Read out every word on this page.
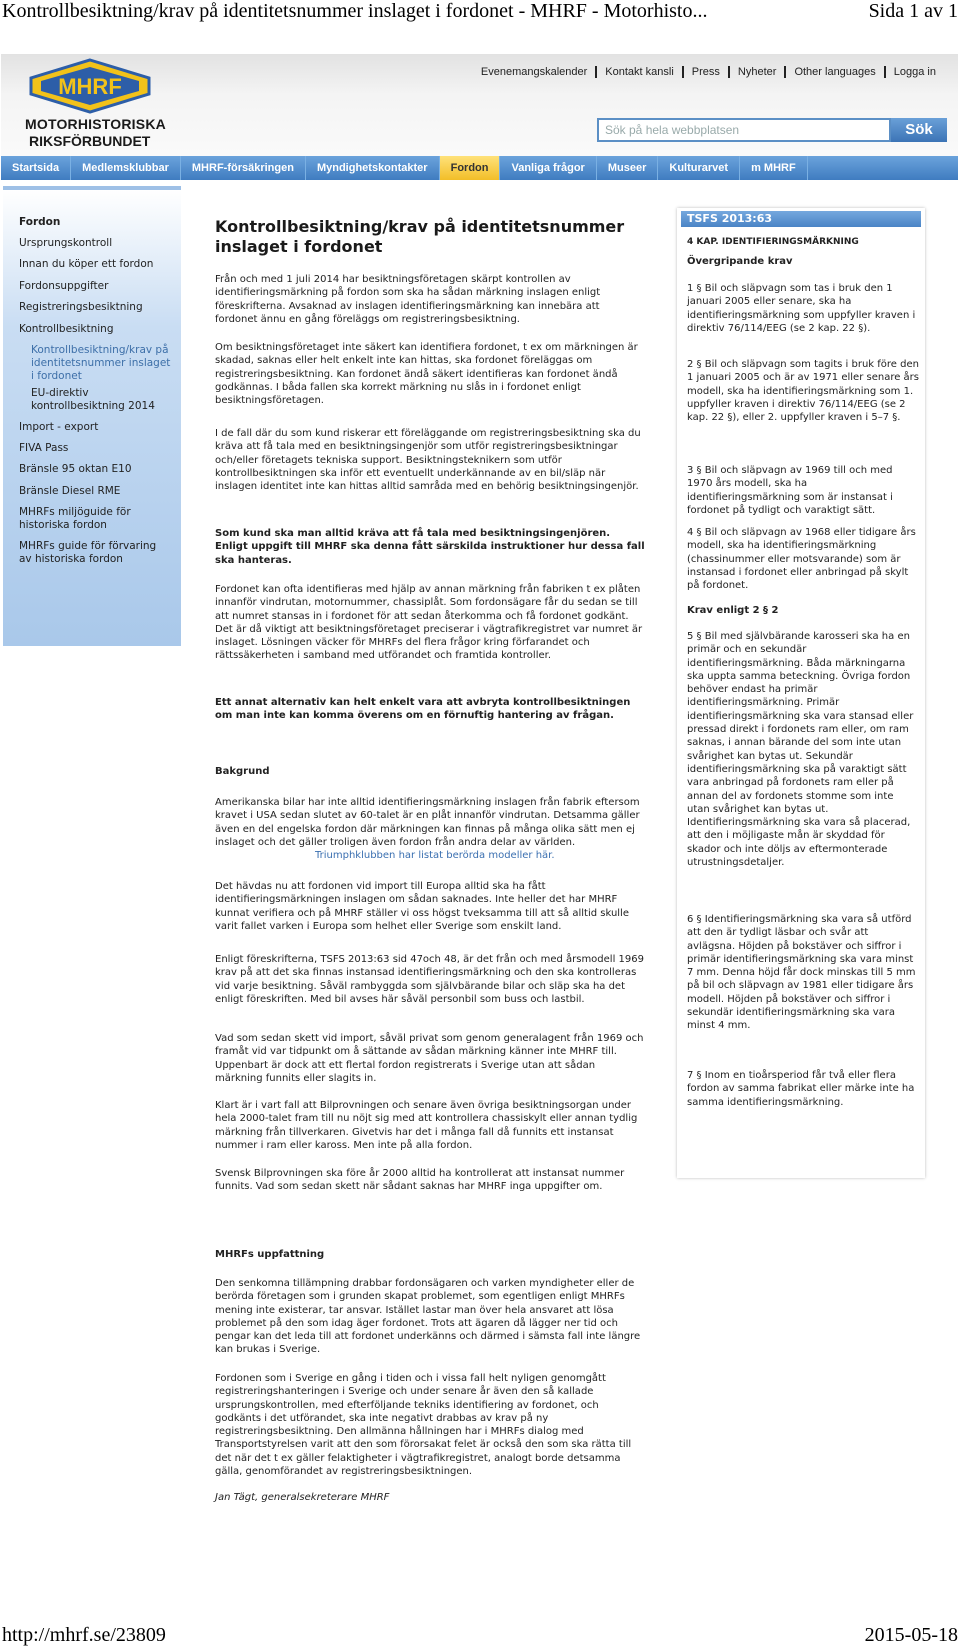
Kontrollbesiktning/krav på identitetsnummer inslaget i fordonet - MHRF - Motorhisto...	Sida 1 av 1
MHRF
MOTORHISTORISKA
RIKSFÖRBUNDET
Evenemangskalender	Kontakt kansli	Press	Nyheter	Other languages	Logga in
Sök på hela webbplatsen	Sök
Startsida	Medlemsklubbar	MHRF-försäkringen	Myndighetskontakter	Fordon	Vanliga frågor	Museer	Kulturarvet	m MHRF
Fordon
Ursprungskontroll
Innan du köper ett fordon
Fordonsuppgifter
Registreringsbesiktning
Kontrollbesiktning
Kontrollbesiktning/krav på identitetsnummer inslaget i fordonet
EU-direktiv kontrollbesiktning 2014
Import - export
FIVA Pass
Bränsle 95 oktan E10
Bränsle Diesel RME
MHRFs miljöguide för historiska fordon
MHRFs guide för förvaring av historiska fordon
Kontrollbesiktning/krav på identitetsnummer inslaget i fordonet
Från och med 1 juli 2014 har besiktningsföretagen skärpt kontrollen av identifieringsmärkning på fordon som ska ha sådan märkning inslagen enligt föreskrifterna. Avsaknad av inslagen identifieringsmärkning kan innebära att fordonet ännu en gång föreläggs om registreringsbesiktning.
Om besiktningsföretaget inte säkert kan identifiera fordonet, t ex om märkningen är skadad, saknas eller helt enkelt inte kan hittas, ska fordonet föreläggas om registreringsbesiktning. Kan fordonet ändå säkert identifieras kan fordonet ändå godkännas. I båda fallen ska korrekt märkning nu slås in i fordonet enligt besiktningsföretagen.
I de fall där du som kund riskerar ett föreläggande om registreringsbesiktning ska du kräva att få tala med en besiktningsingenjör som utför registreringsbesiktningar och/eller företagets tekniska support. Besiktningsteknikern som utför kontrollbesiktningen ska inför ett eventuellt underkännande av en bil/släp när inslagen identitet inte kan hittas alltid samråda med en behörig besiktningsingenjör.
Som kund ska man alltid kräva att få tala med besiktningsingenjören. Enligt uppgift till MHRF ska denna fått särskilda instruktioner hur dessa fall ska hanteras.
Fordonet kan ofta identifieras med hjälp av annan märkning från fabriken t ex plåten innanför vindrutan, motornummer, chassiplåt. Som fordonsägare får du sedan se till att numret stansas in i fordonet för att sedan återkomma och få fordonet godkänt. Det är då viktigt att besiktningsföretaget preciserar i vägtrafikregistret var numret är inslaget. Lösningen väcker för MHRFs del flera frågor kring förfarandet och rättssäkerheten i samband med utförandet och framtida kontroller.
Ett annat alternativ kan helt enkelt vara att avbryta kontrollbesiktningen om man inte kan komma överens om en förnuftig hantering av frågan.
Bakgrund
Amerikanska bilar har inte alltid identifieringsmärkning inslagen från fabrik eftersom kravet i USA sedan slutet av 60-talet är en plåt innanför vindrutan. Detsamma gäller även en del engelska fordon där märkningen kan finnas på många olika sätt men ej inslaget och det gäller troligen även fordon från andra delar av världen.
Triumphklubben har listat berörda modeller här.
Det hävdas nu att fordonen vid import till Europa alltid ska ha fått identifieringsmärkningen inslagen om sådan saknades. Inte heller det har MHRF kunnat verifiera och på MHRF ställer vi oss högst tveksamma till att så alltid skulle varit fallet varken i Europa som helhet eller Sverige som enskilt land.
Enligt föreskrifterna, TSFS 2013:63 sid 47och 48, är det från och med årsmodell 1969 krav på att det ska finnas instansad identifieringsmärkning och den ska kontrolleras vid varje besiktning. Såväl rambyggda som självbärande bilar och släp ska ha det enligt föreskriften. Med bil avses här såväl personbil som buss och lastbil.
Vad som sedan skett vid import, såväl privat som genom generalagent från 1969 och framåt vid var tidpunkt om å sättande av sådan märkning känner inte MHRF till. Uppenbart är dock att ett flertal fordon registrerats i Sverige utan att sådan märkning funnits eller slagits in.
Klart är i vart fall att Bilprovningen och senare även övriga besiktningsorgan under hela 2000-talet fram till nu nöjt sig med att kontrollera chassiskylt eller annan tydlig märkning från tillverkaren. Givetvis har det i många fall då funnits ett instansat nummer i ram eller kaross. Men inte på alla fordon.
Svensk Bilprovningen ska före år 2000 alltid ha kontrollerat att instansat nummer funnits. Vad som sedan skett när sådant saknas har MHRF inga uppgifter om.
TSFS 2013:63
4 KAP. IDENTIFIERINGSMÄRKNING
Övergripande krav
1 § Bil och släpvagn som tas i bruk den 1 januari 2005 eller senare, ska ha identifieringsmärkning som uppfyller kraven i direktiv 76/114/EEG (se 2 kap. 22 §).
2 § Bil och släpvagn som tagits i bruk före den 1 januari 2005 och är av 1971 eller senare års modell, ska ha identifieringsmärkning som 1. uppfyller kraven i direktiv 76/114/EEG (se 2 kap. 22 §), eller 2. uppfyller kraven i 5–7 §.
3 § Bil och släpvagn av 1969 till och med 1970 års modell, ska ha identifieringsmärkning som är instansat i fordonet på tydligt och varaktigt sätt.
4 § Bil och släpvagn av 1968 eller tidigare års modell, ska ha identifieringsmärkning (chassinummer eller motsvarande) som är instansad i fordonet eller anbringad på skylt på fordonet.
Krav enligt 2 § 2
5 § Bil med självbärande karosseri ska ha en primär och en sekundär identifieringsmärkning. Båda märkningarna ska uppta samma beteckning. Övriga fordon behöver endast ha primär identifieringsmärkning. Primär identifieringsmärkning ska vara stansad eller pressad direkt i fordonets ram eller, om ram saknas, i annan bärande del som inte utan svårighet kan bytas ut. Sekundär identifieringsmärkning ska på varaktigt sätt vara anbringad på fordonets ram eller på annan del av fordonets stomme som inte utan svårighet kan bytas ut. Identifieringsmärkning ska vara så placerad, att den i möjligaste mån är skyddad för skador och inte döljs av eftermonterade utrustningsdetaljer.
6 § Identifieringsmärkning ska vara så utförd att den är tydligt läsbar och svår att avlägsna. Höjden på bokstäver och siffror i primär identifieringsmärkning ska vara minst 7 mm. Denna höjd får dock minskas till 5 mm på bil och släpvagn av 1981 eller tidigare års modell. Höjden på bokstäver och siffror i sekundär identifieringsmärkning ska vara minst 4 mm.
7 § Inom en tioårsperiod får två eller flera fordon av samma fabrikat eller märke inte ha samma identifieringsmärkning.
MHRFs uppfattning
Den senkomna tillämpning drabbar fordonsägaren och varken myndigheter eller de berörda företagen som i grunden skapat problemet, som egentligen enligt MHRFs mening inte existerar, tar ansvar. Istället lastar man över hela ansvaret att lösa problemet på den som idag äger fordonet. Trots att ägaren då lägger ner tid och pengar kan det leda till att fordonet underkänns och därmed i sämsta fall inte längre kan brukas i Sverige.
Fordonen som i Sverige en gång i tiden och i vissa fall helt nyligen genomgått registreringshanteringen i Sverige och under senare år även den så kallade ursprungskontrollen, med efterföljande tekniks identifiering av fordonet, och godkänts i det utförandet, ska inte negativt drabbas av krav på ny registreringsbesiktning. Den allmänna hållningen har i MHRFs dialog med Transportstyrelsen varit att den som förorsakat felet är också den som ska rätta till det när det t ex gäller felaktigheter i vägtrafikregistret, analogt borde detsamma gälla, genomförandet av registreringsbesiktningen.
Jan Tägt, generalsekreterare MHRF
http://mhrf.se/23809	2015-05-18
